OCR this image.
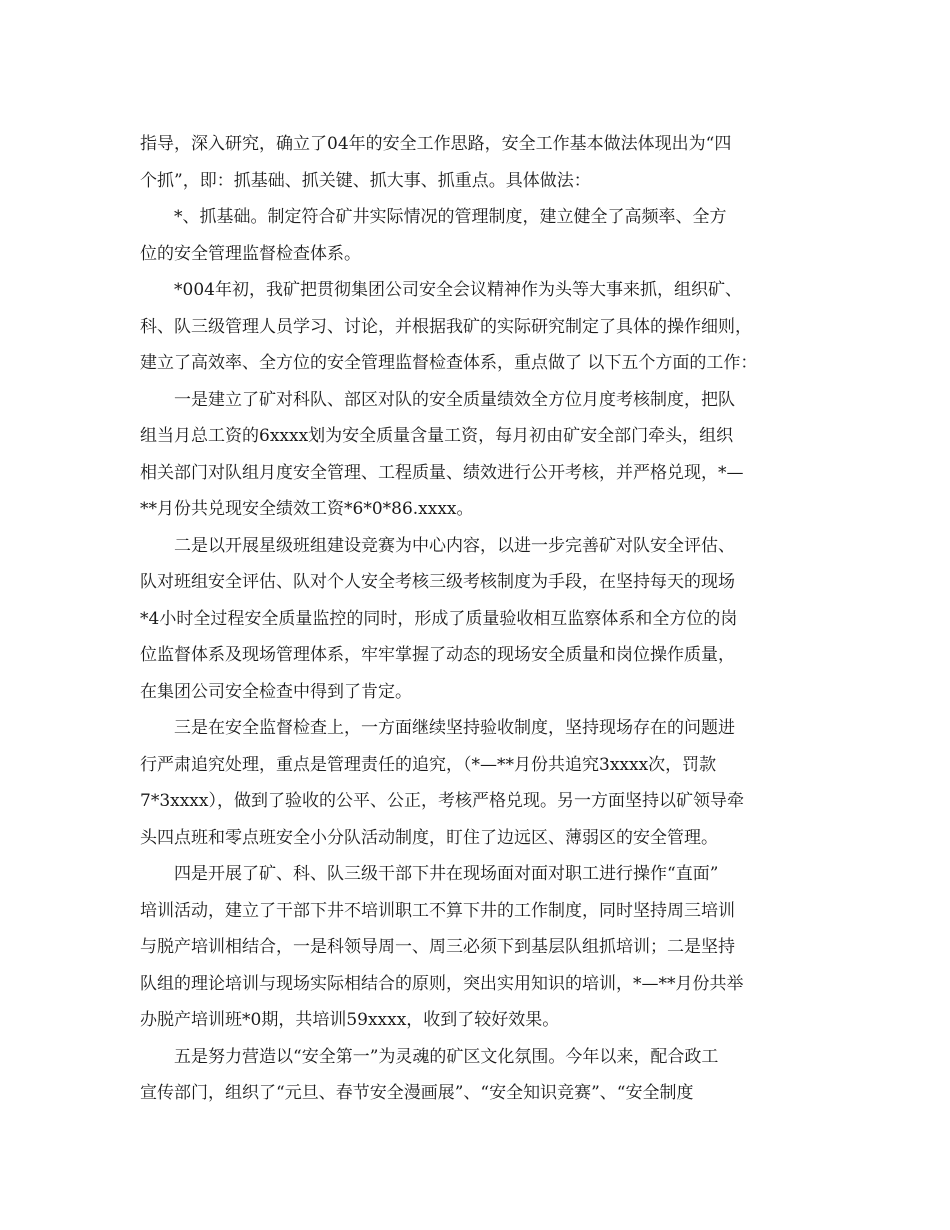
指导，深入研究，确立了04年的安全工作思路，安全工作基本做法体现出为“四
个抓”，即：抓基础、抓关键、抓大事、抓重点。具体做法：
*、抓基础。制定符合矿井实际情况的管理制度，建立健全了高频率、全方
位的安全管理监督检查体系。
*004年初，我矿把贯彻集团公司安全会议精神作为头等大事来抓，组织矿、
科、队三级管理人员学习、讨论，并根据我矿的实际研究制定了具体的操作细则，
建立了高效率、全方位的安全管理监督检查体系，重点做了 以下五个方面的工作：
一是建立了矿对科队、部区对队的安全质量绩效全方位月度考核制度，把队
组当月总工资的6xxxx划为安全质量含量工资，每月初由矿安全部门牵头，组织
相关部门对队组月度安全管理、工程质量、绩效进行公开考核，并严格兑现，*—
**月份共兑现安全绩效工资*6*0*86.xxxx。
二是以开展星级班组建设竞赛为中心内容，以进一步完善矿对队安全评估、
队对班组安全评估、队对个人安全考核三级考核制度为手段，在坚持每天的现场
*4小时全过程安全质量监控的同时，形成了质量验收相互监察体系和全方位的岗
位监督体系及现场管理体系，牢牢掌握了动态的现场安全质量和岗位操作质量，
在集团公司安全检查中得到了肯定。
三是在安全监督检查上，一方面继续坚持验收制度，坚持现场存在的问题进
行严肃追究处理，重点是管理责任的追究，（*—**月份共追究3xxxx次，罚款
7*3xxxx），做到了验收的公平、公正，考核严格兑现。另一方面坚持以矿领导牵
头四点班和零点班安全小分队活动制度，盯住了边远区、薄弱区的安全管理。
四是开展了矿、科、队三级干部下井在现场面对面对职工进行操作“直面”
培训活动，建立了干部下井不培训职工不算下井的工作制度，同时坚持周三培训
与脱产培训相结合，一是科领导周一、周三必须下到基层队组抓培训；二是坚持
队组的理论培训与现场实际相结合的原则，突出实用知识的培训，*—**月份共举
办脱产培训班*0期，共培训59xxxx，收到了较好效果。
五是努力营造以“安全第一”为灵魂的矿区文化氛围。今年以来，配合政工
宣传部门，组织了“元旦、春节安全漫画展”、“安全知识竞赛”、“安全制度
